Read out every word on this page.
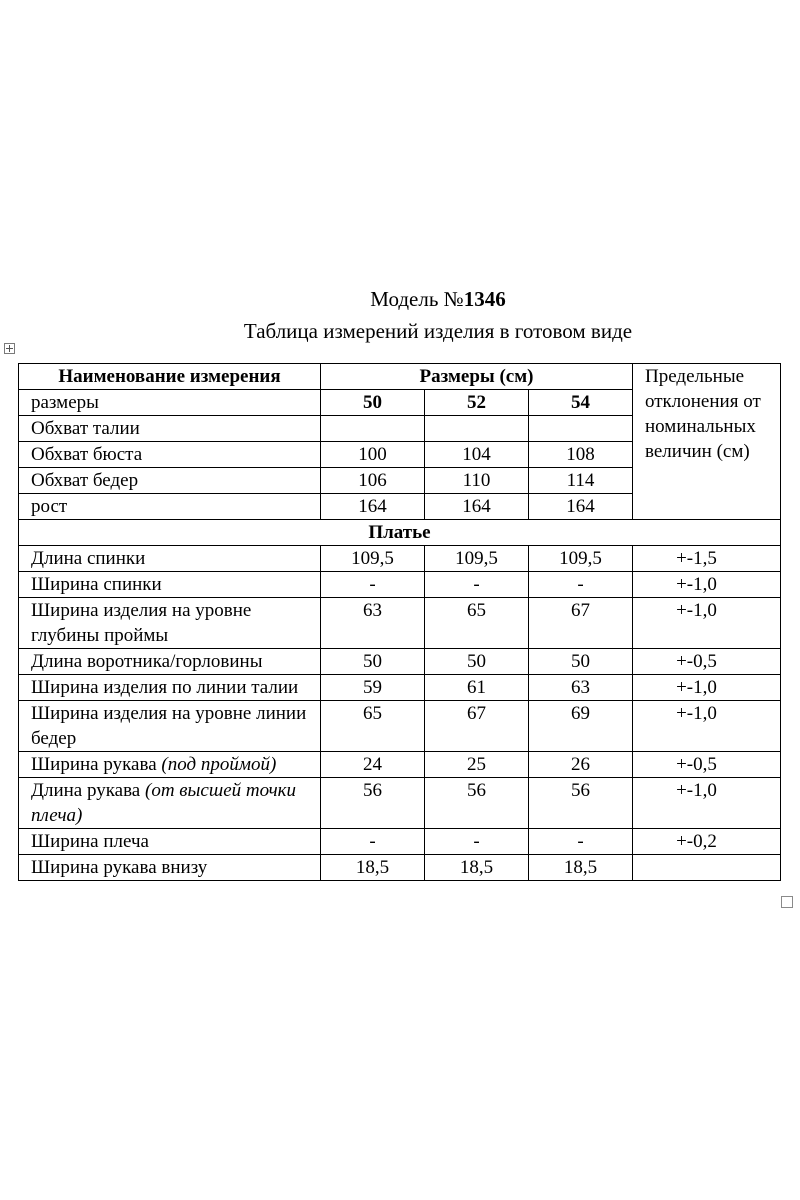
Модель №1346
Таблица измерений изделия в готовом виде
Наименование измерения	Размеры (см)			Предельные отклонения от номинальных величин (см)
размеры	50	52	54	
Обхват талии				
Обхват бюста	100	104	108	
Обхват бедер	106	110	114	
рост	164	164	164	
Платье				
Длина спинки	109,5	109,5	109,5	+-1,5
Ширина спинки	-	-	-	+-1,0
Ширина изделия на уровне глубины проймы	63	65	67	+-1,0
Длина воротника/горловины	50	50	50	+-0,5
Ширина изделия по линии талии	59	61	63	+-1,0
Ширина изделия на уровне линии бедер	65	67	69	+-1,0
Ширина рукава (под проймой)	24	25	26	+-0,5
Длина рукава (от высшей точки плеча)	56	56	56	+-1,0
Ширина плеча	-	-	-	+-0,2
Ширина рукава внизу	18,5	18,5	18,5	
